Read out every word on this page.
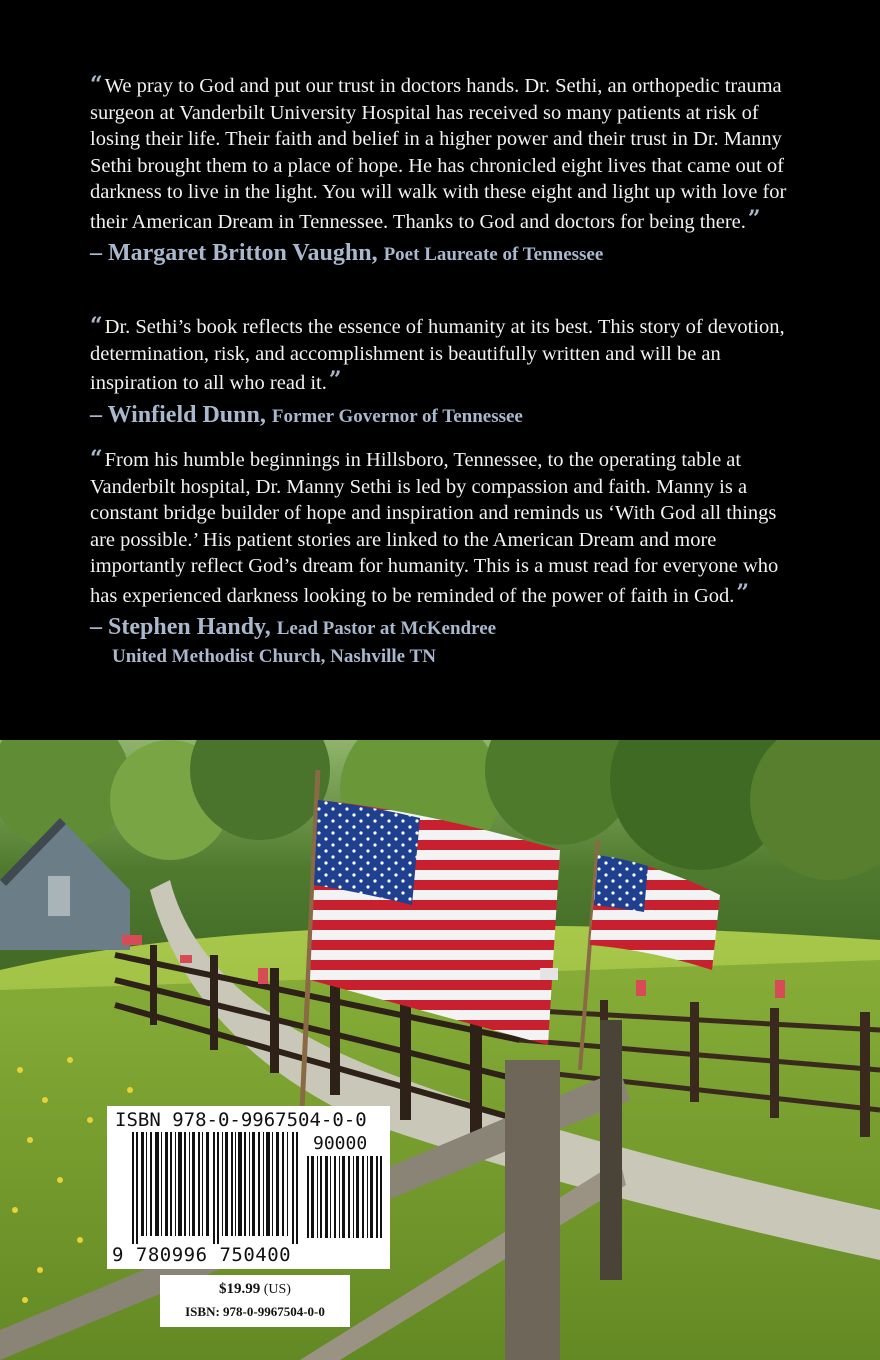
“ We pray to God and put our trust in doctors hands. Dr. Sethi, an orthopedic trauma surgeon at Vanderbilt University Hospital has received so many patients at risk of losing their life. Their faith and belief in a higher power and their trust in Dr. Manny Sethi brought them to a place of hope. He has chronicled eight lives that came out of darkness to live in the light. You will walk with these eight and light up with love for their American Dream in Tennessee. Thanks to God and doctors for being there.”

– Margaret Britton Vaughn, Poet Laureate of Tennessee

“ Dr. Sethi’s book reflects the essence of humanity at its best. This story of devotion, determination, risk, and accomplishment is beautifully written and will be an inspiration to all who read it.”

– Winfield Dunn, Former Governor of Tennessee

“ From his humble beginnings in Hillsboro, Tennessee, to the operating table at Vanderbilt hospital, Dr. Manny Sethi is led by compassion and faith. Manny is a constant bridge builder of hope and inspiration and reminds us ‘With God all things are possible.’ His patient stories are linked to the American Dream and more importantly reflect God’s dream for humanity. This is a must read for everyone who has experienced darkness looking to be reminded of the power of faith in God.”

– Stephen Handy, Lead Pastor at McKendree
United Methodist Church, Nashville TN
ISBN 978-0-9967504-0-0
90000
9 780996 750400
$19.99 (US)
ISBN: 978-0-9967504-0-0
